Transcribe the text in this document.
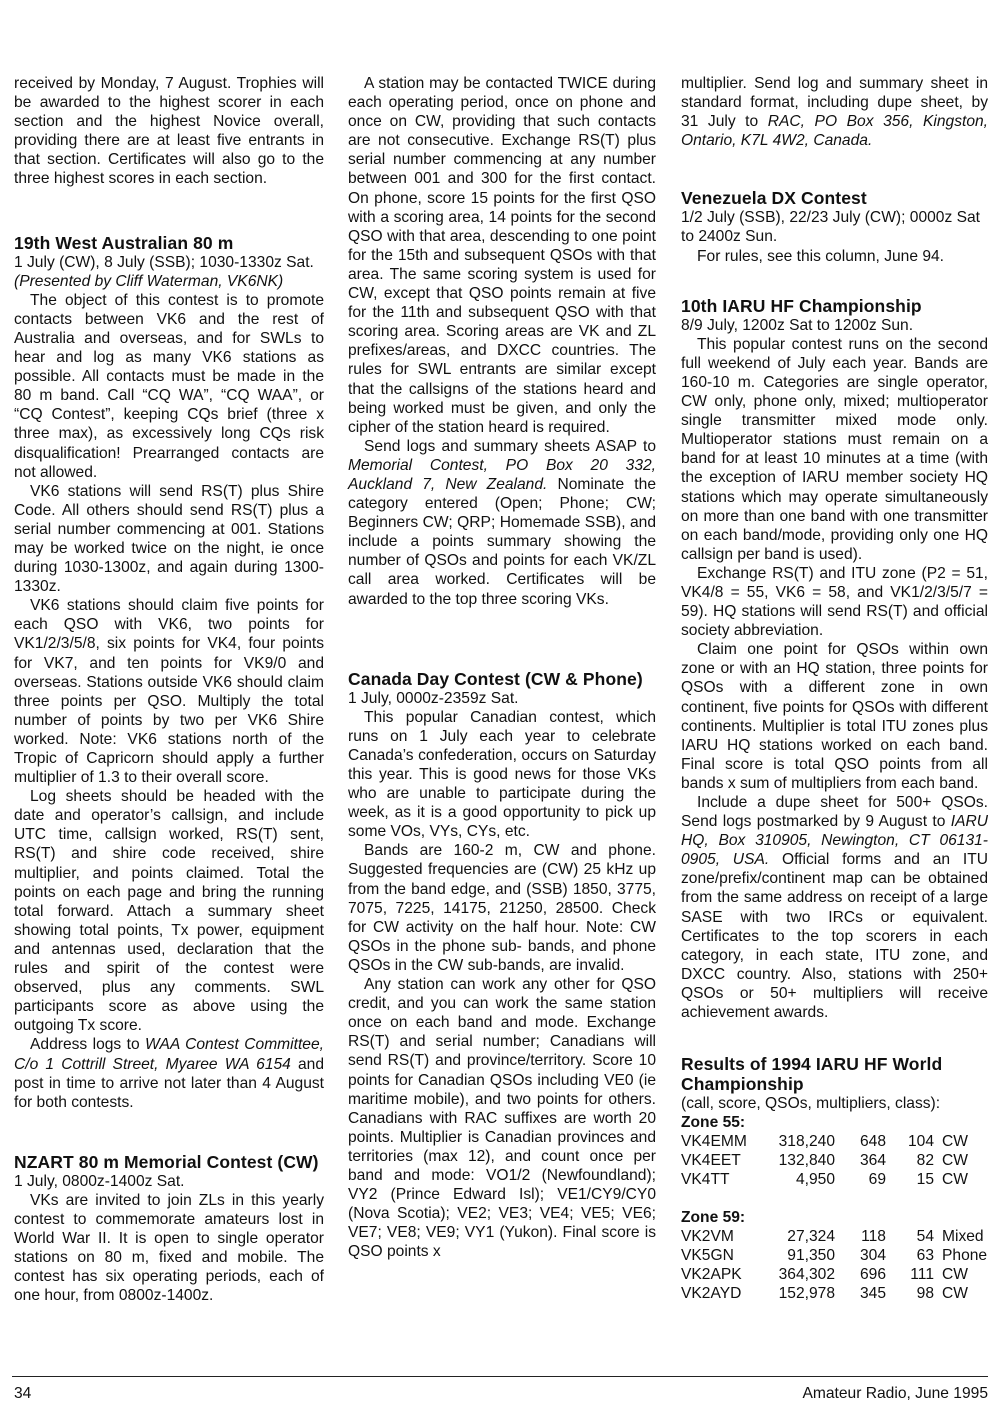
received by Monday, 7 August. Trophies will be awarded to the highest scorer in each section and the highest Novice overall, providing there are at least five entrants in that section. Certificates will also go to the three highest scores in each section.

19th West Australian 80 m

1 July (CW), 8 July (SSB); 1030-1330z Sat.

(Presented by Cliff Waterman, VK6NK)

The object of this contest is to promote contacts between VK6 and the rest of Australia and overseas, and for SWLs to hear and log as many VK6 stations as possible. All contacts must be made in the 80 m band. Call “CQ WA”, “CQ WAA”, or “CQ Contest”, keeping CQs brief (three x three max), as excessively long CQs risk disqualification! Prearranged contacts are not allowed.

VK6 stations will send RS(T) plus Shire Code. All others should send RS(T) plus a serial number commencing at 001. Stations may be worked twice on the night, ie once during 1030-1300z, and again during 1300-1330z.

VK6 stations should claim five points for each QSO with VK6, two points for VK1/2/3/5/8, six points for VK4, four points for VK7, and ten points for VK9/0 and overseas. Stations outside VK6 should claim three points per QSO. Multiply the total number of points by two per VK6 Shire worked. Note: VK6 stations north of the Tropic of Capricorn should apply a further multiplier of 1.3 to their overall score.

Log sheets should be headed with the date and operator’s callsign, and include UTC time, callsign worked, RS(T) sent, RS(T) and shire code received, shire multiplier, and points claimed. Total the points on each page and bring the running total forward. Attach a summary sheet showing total points, Tx power, equipment and antennas used, declaration that the rules and spirit of the contest were observed, plus any comments. SWL participants score as above using the outgoing Tx score.

Address logs to WAA Contest Committee, C/o 1 Cottrill Street, Myaree WA 6154 and post in time to arrive not later than 4 August for both contests.

NZART 80 m Memorial Contest (CW)

1 July, 0800z-1400z Sat.

VKs are invited to join ZLs in this yearly contest to commemorate amateurs lost in World War II. It is open to single operator stations on 80 m, fixed and mobile. The contest has six operating periods, each of one hour, from 0800z-1400z.

A station may be contacted TWICE during each operating period, once on phone and once on CW, providing that such contacts are not consecutive. Exchange RS(T) plus serial number commencing at any number between 001 and 300 for the first contact. On phone, score 15 points for the first QSO with a scoring area, 14 points for the second QSO with that area, descending to one point for the 15th and subsequent QSOs with that area. The same scoring system is used for CW, except that QSO points remain at five for the 11th and subsequent QSO with that scoring area. Scoring areas are VK and ZL prefixes/areas, and DXCC countries. The rules for SWL entrants are similar except that the callsigns of the stations heard and being worked must be given, and only the cipher of the station heard is required.

Send logs and summary sheets ASAP to Memorial Contest, PO Box 20 332, Auckland 7, New Zealand. Nominate the category entered (Open; Phone; CW; Beginners CW; QRP; Homemade SSB), and include a points summary showing the number of QSOs and points for each VK/ZL call area worked. Certificates will be awarded to the top three scoring VKs.

Canada Day Contest (CW & Phone)

1 July, 0000z-2359z Sat.

This popular Canadian contest, which runs on 1 July each year to celebrate Canada’s confederation, occurs on Saturday this year. This is good news for those VKs who are unable to participate during the week, as it is a good opportunity to pick up some VOs, VYs, CYs, etc.

Bands are 160-2 m, CW and phone. Suggested frequencies are (CW) 25 kHz up from the band edge, and (SSB) 1850, 3775, 7075, 7225, 14175, 21250, 28500. Check for CW activity on the half hour. Note: CW QSOs in the phone sub- bands, and phone QSOs in the CW sub-bands, are invalid.

Any station can work any other for QSO credit, and you can work the same station once on each band and mode. Exchange RS(T) and serial number; Canadians will send RS(T) and province/territory. Score 10 points for Canadian QSOs including VE0 (ie maritime mobile), and two points for others. Canadians with RAC suffixes are worth 20 points. Multiplier is Canadian provinces and territories (max 12), and count once per band and mode: VO1/2 (Newfoundland); VY2 (Prince Edward Isl); VE1/CY9/CY0 (Nova Scotia); VE2; VE3; VE4; VE5; VE6; VE7; VE8; VE9; VY1 (Yukon). Final score is QSO points x

multiplier. Send log and summary sheet in standard format, including dupe sheet, by 31 July to RAC, PO Box 356, Kingston, Ontario, K7L 4W2, Canada.

Venezuela DX Contest

1/2 July (SSB), 22/23 July (CW); 0000z Sat to 2400z Sun.

For rules, see this column, June 94.

10th IARU HF Championship

8/9 July, 1200z Sat to 1200z Sun.

This popular contest runs on the second full weekend of July each year. Bands are 160-10 m. Categories are single operator, CW only, phone only, mixed; multioperator single transmitter mixed mode only. Multioperator stations must remain on a band for at least 10 minutes at a time (with the exception of IARU member society HQ stations which may operate simultaneously on more than one band with one transmitter on each band/mode, providing only one HQ callsign per band is used).

Exchange RS(T) and ITU zone (P2 = 51, VK4/8 = 55, VK6 = 58, and VK1/2/3/5/7 = 59). HQ stations will send RS(T) and official society abbreviation.

Claim one point for QSOs within own zone or with an HQ station, three points for QSOs with a different zone in own continent, five points for QSOs with different continents. Multiplier is total ITU zones plus IARU HQ stations worked on each band. Final score is total QSO points from all bands x sum of multipliers from each band.

Include a dupe sheet for 500+ QSOs. Send logs postmarked by 9 August to IARU HQ, Box 310905, Newington, CT 06131-0905, USA. Official forms and an ITU zone/prefix/continent map can be obtained from the same address on receipt of a large SASE with two IRCs or equivalent. Certificates to the top scorers in each category, in each state, ITU zone, and DXCC country. Also, stations with 250+ QSOs or 50+ multipliers will receive achievement awards.

Results of 1994 IARU HF World Championship

(call, score, QSOs, multipliers, class):

Zone 55:

VK4EMM	318,240	648	104	CW
VK4EET	132,840	364	82	CW
VK4TT	4,950	69	15	CW

Zone 59:

VK2VM	27,324	118	54	Mixed
VK5GN	91,350	304	63	Phone
VK2APK	364,302	696	111	CW
VK2AYD	152,978	345	98	CW
34	Amateur Radio, June 1995
